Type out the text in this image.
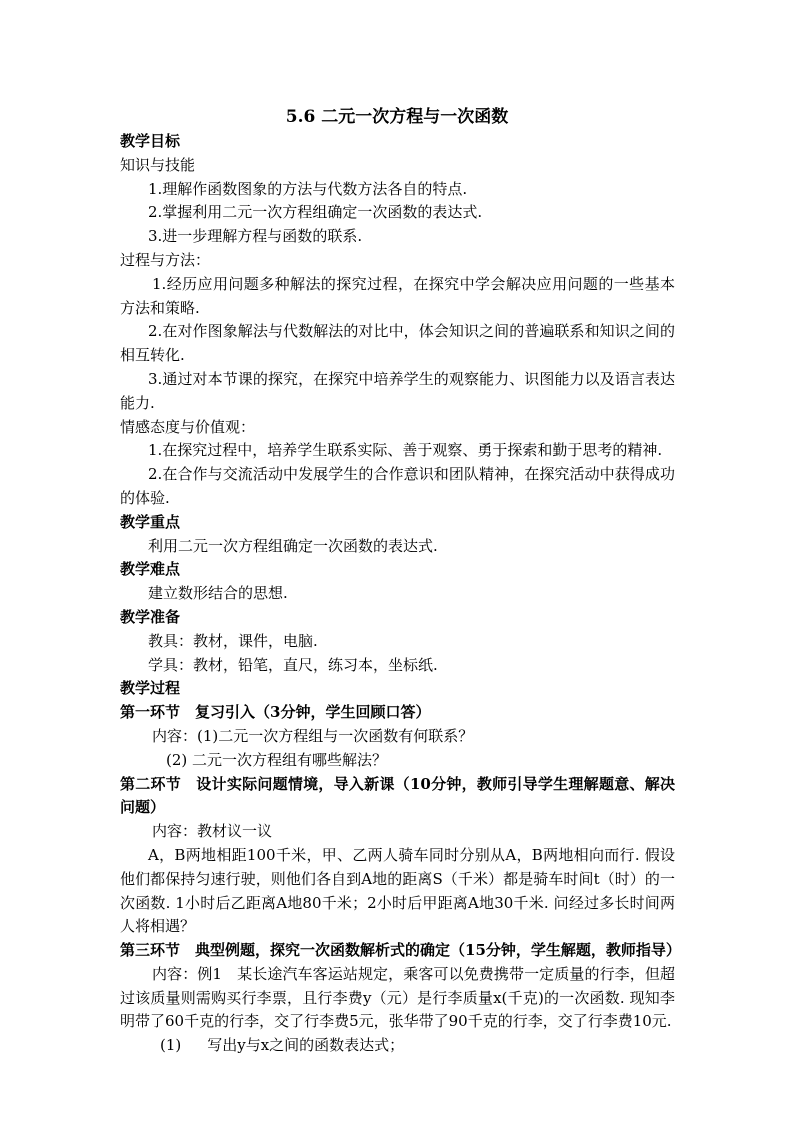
5.6 二元一次方程与一次函数

教学目标

知识与技能

1.理解作函数图象的方法与代数方法各自的特点.

2.掌握利用二元一次方程组确定一次函数的表达式.

3.进一步理解方程与函数的联系.

过程与方法：

1.经历应用问题多种解法的探究过程，在探究中学会解决应用问题的一些基本方法和策略.

2.在对作图象解法与代数解法的对比中，体会知识之间的普遍联系和知识之间的相互转化.

3.通过对本节课的探究，在探究中培养学生的观察能力、识图能力以及语言表达能力.

情感态度与价值观：

1.在探究过程中，培养学生联系实际、善于观察、勇于探索和勤于思考的精神.

2.在合作与交流活动中发展学生的合作意识和团队精神，在探究活动中获得成功的体验.

教学重点

利用二元一次方程组确定一次函数的表达式.

教学难点

建立数形结合的思想.

教学准备

教具：教材，课件，电脑.

学具：教材，铅笔，直尺，练习本，坐标纸.

教学过程

第一环节　复习引入（3分钟，学生回顾口答）

内容：(1)二元一次方程组与一次函数有何联系？

(2) 二元一次方程组有哪些解法？

第二环节　设计实际问题情境，导入新课（10分钟，教师引导学生理解题意、解决问题）

内容：教材议一议

A，B两地相距100千米，甲、乙两人骑车同时分别从A，B两地相向而行. 假设他们都保持匀速行驶，则他们各自到A地的距离S（千米）都是骑车时间t（时）的一次函数. 1小时后乙距离A地80千米；2小时后甲距离A地30千米. 问经过多长时间两人将相遇？

第三环节　典型例题，探究一次函数解析式的确定（15分钟，学生解题，教师指导）

内容：例1　某长途汽车客运站规定，乘客可以免费携带一定质量的行李，但超过该质量则需购买行李票，且行李费y（元）是行李质量x(千克)的一次函数. 现知李明带了60千克的行李，交了行李费5元，张华带了90千克的行李，交了行李费10元.

(1) 写出y与x之间的函数表达式；
